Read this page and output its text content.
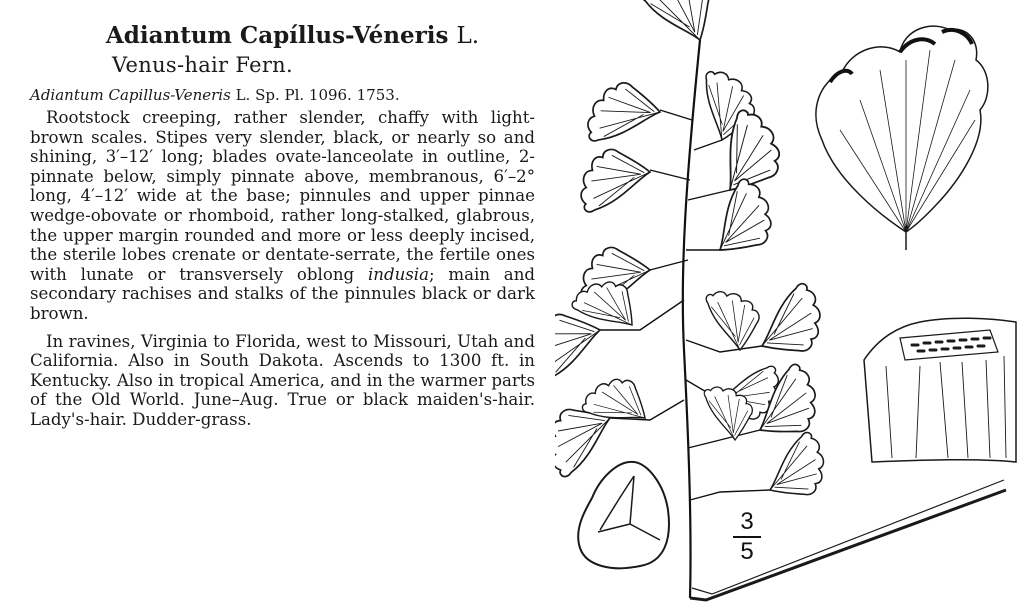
Adiantum Capíllus-Véneris L.
Venus-hair Fern.
Adiantum Capillus-Veneris L. Sp. Pl. 1096. 1753.

Rootstock creeping, rather slender, chaffy with light-brown scales. Stipes very slender, black, or nearly so and shining, 3′–12′ long; blades ovate-lanceolate in outline, 2-pinnate below, simply pinnate above, membranous, 6′–2° long, 4′–12′ wide at the base; pinnules and upper pinnae wedge-obovate or rhomboid, rather long-stalked, glabrous, the upper margin rounded and more or less deeply incised, the sterile lobes crenate or dentate-serrate, the fertile ones with lunate or transversely oblong indusia; main and secondary rachises and stalks of the pinnules black or dark brown.

In ravines, Virginia to Florida, west to Missouri, Utah and California. Also in South Dakota. Ascends to 1300 ft. in Kentucky. Also in tropical America, and in the warmer parts of the Old World. June–Aug. True or black maiden's-hair. Lady's-hair. Dudder-grass.

$\frac{3}{5}$
